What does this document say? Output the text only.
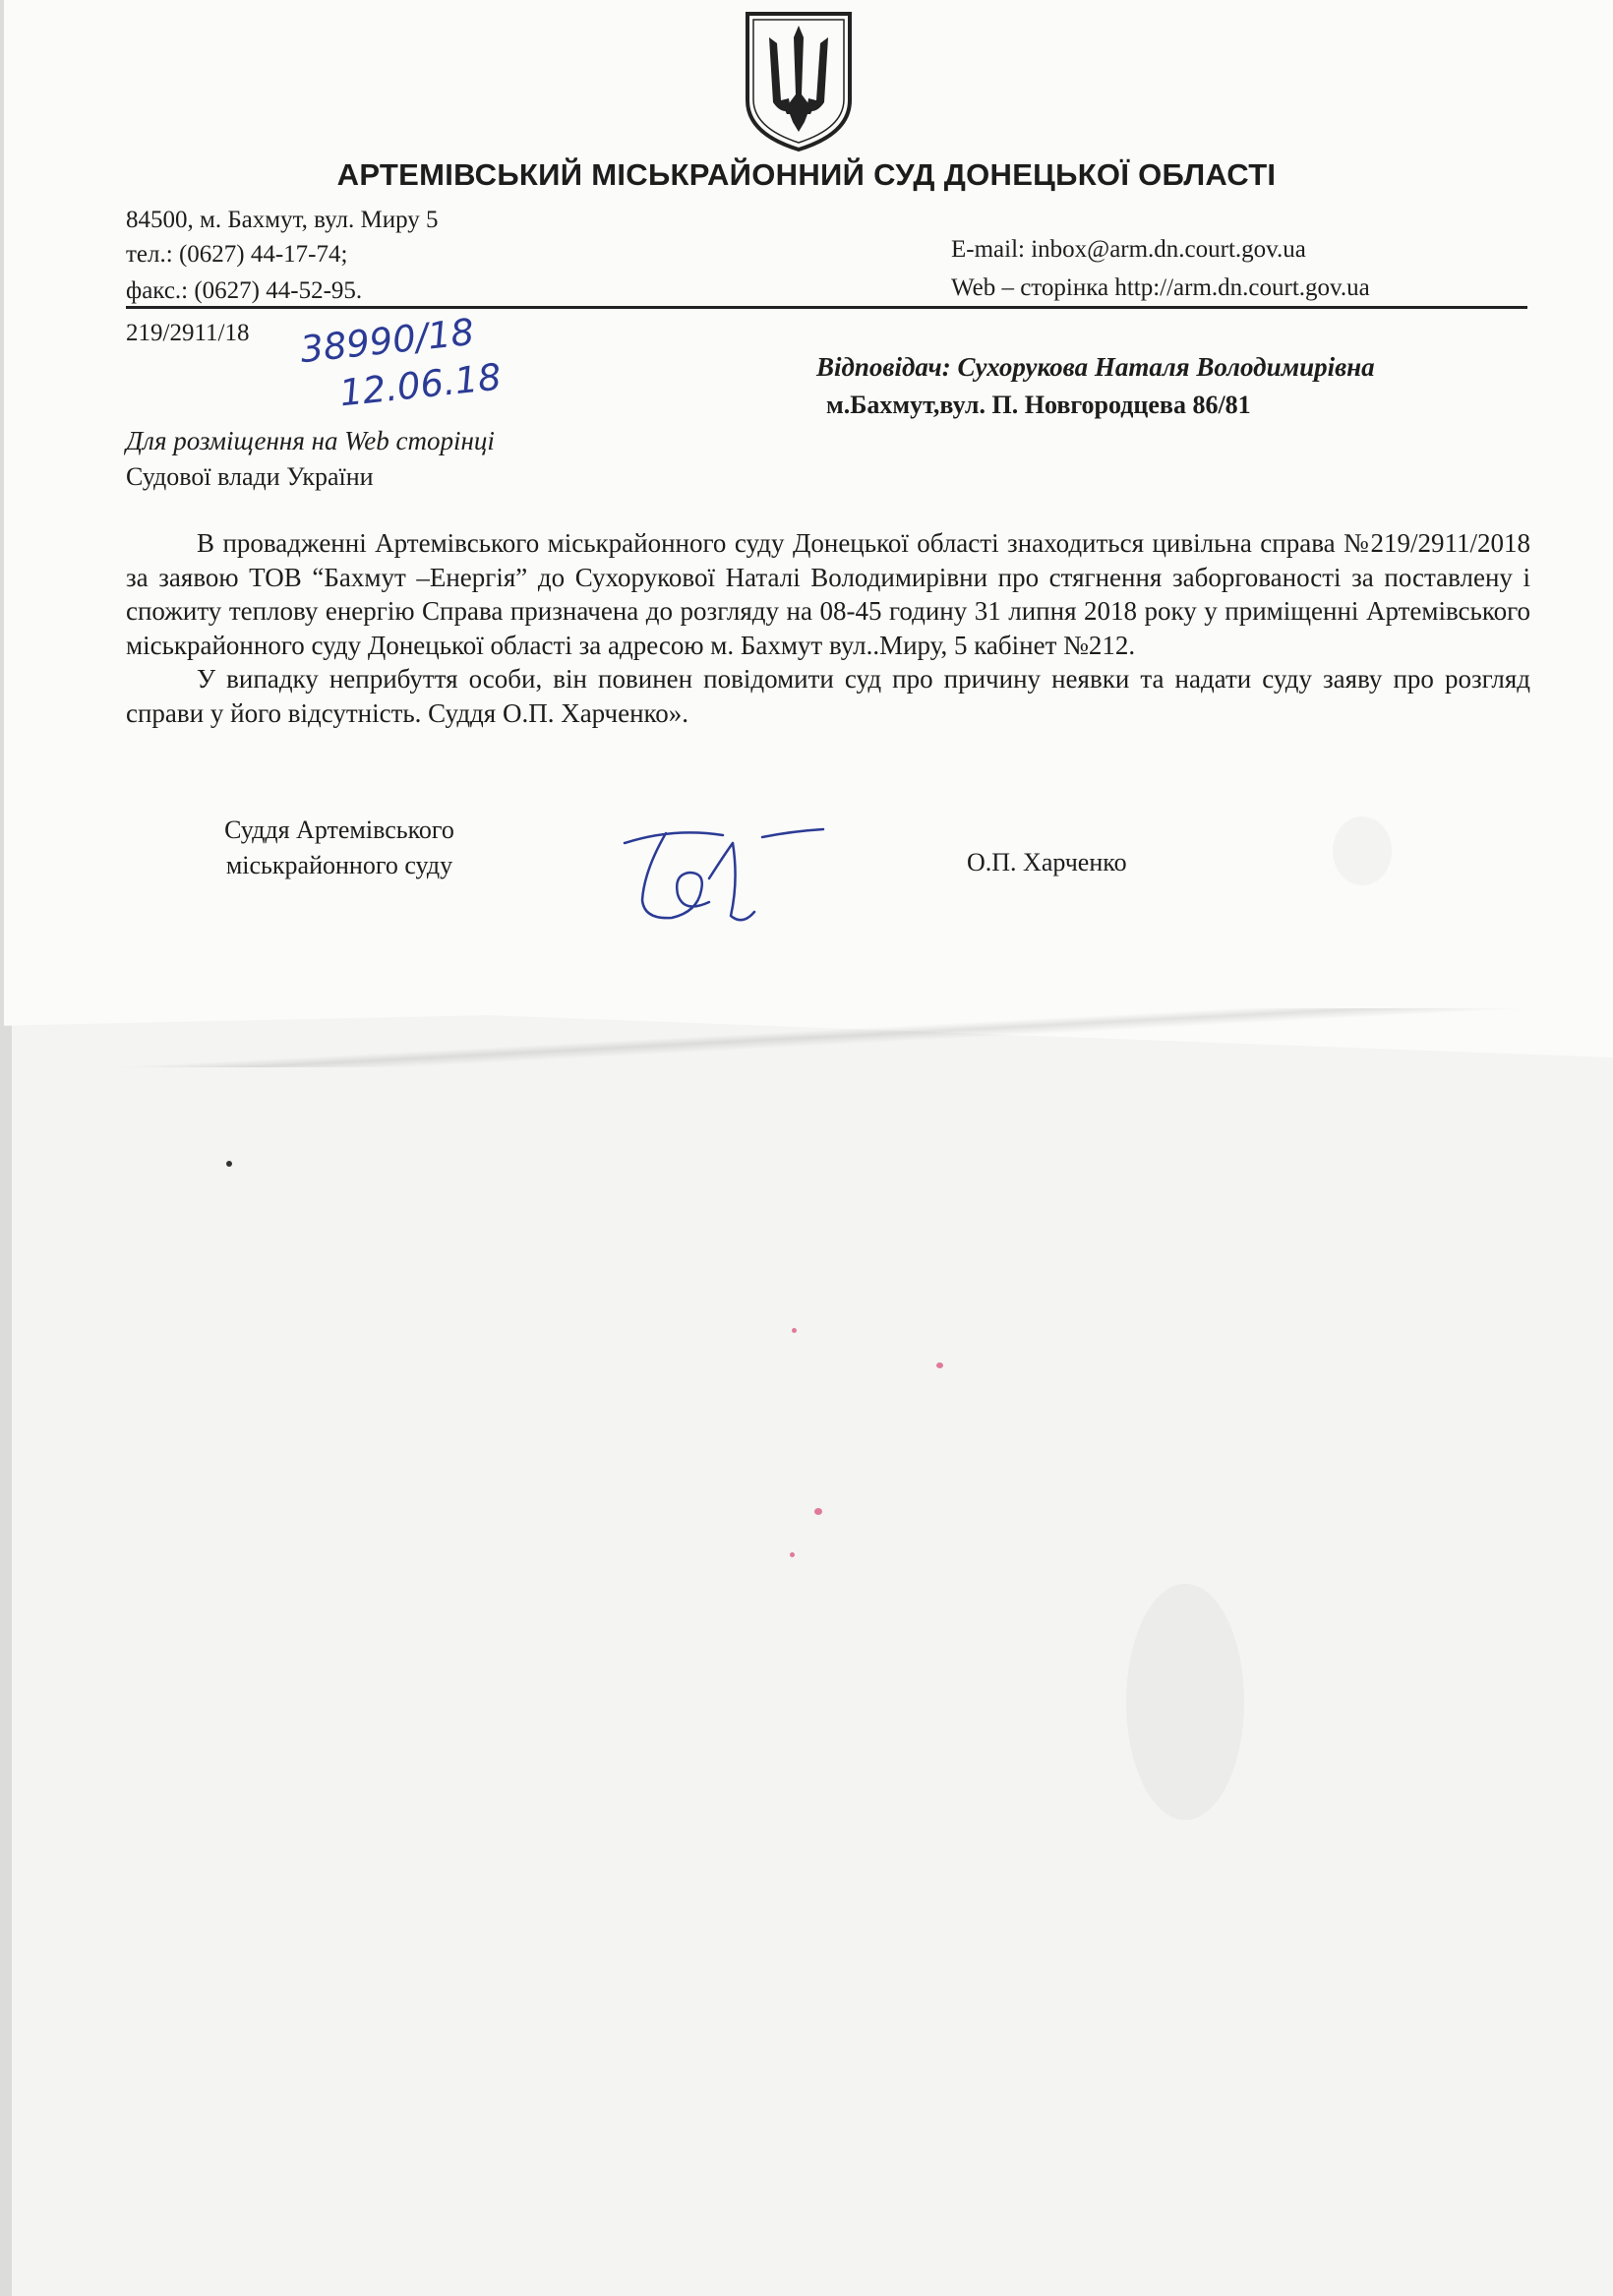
АРТЕМІВСЬКИЙ МІСЬКРАЙОННИЙ СУД ДОНЕЦЬКОЇ ОБЛАСТІ
84500, м. Бахмут, вул. Миру 5
тел.: (0627) 44-17-74;
факс.: (0627) 44-52-95.
E-mail: inbox@arm.dn.court.gov.ua
Web – сторінка http://arm.dn.court.gov.ua
219/2911/18 38990/18
12.06.18	Відповідач: Сухорукова Наталя Володимирівна
м.Бахмут,вул. П. Новгородцева 86/81
Для розміщення на Web сторінці
Судової влади України

В провадженні Артемівського міськрайонного суду Донецької області знаходиться цивільна справа №219/2911/2018 за заявою ТОВ “Бахмут –Енергія” до Сухорукової Наталі Володимирівни про стягнення заборгованості за поставлену і спожиту теплову енергію Справа призначена до розгляду на 08-45 годину 31 липня 2018 року у приміщенні Артемівського міськрайонного суду Донецької області за адресою м. Бахмут вул..Миру, 5 кабінет №212.

У випадку неприбуття особи, він повинен повідомити суд про причину неявки та надати суду заяву про розгляд справи у його відсутність. Суддя О.П. Харченко».

Суддя Артемівського
міськрайонного суду	О.П. Харченко
